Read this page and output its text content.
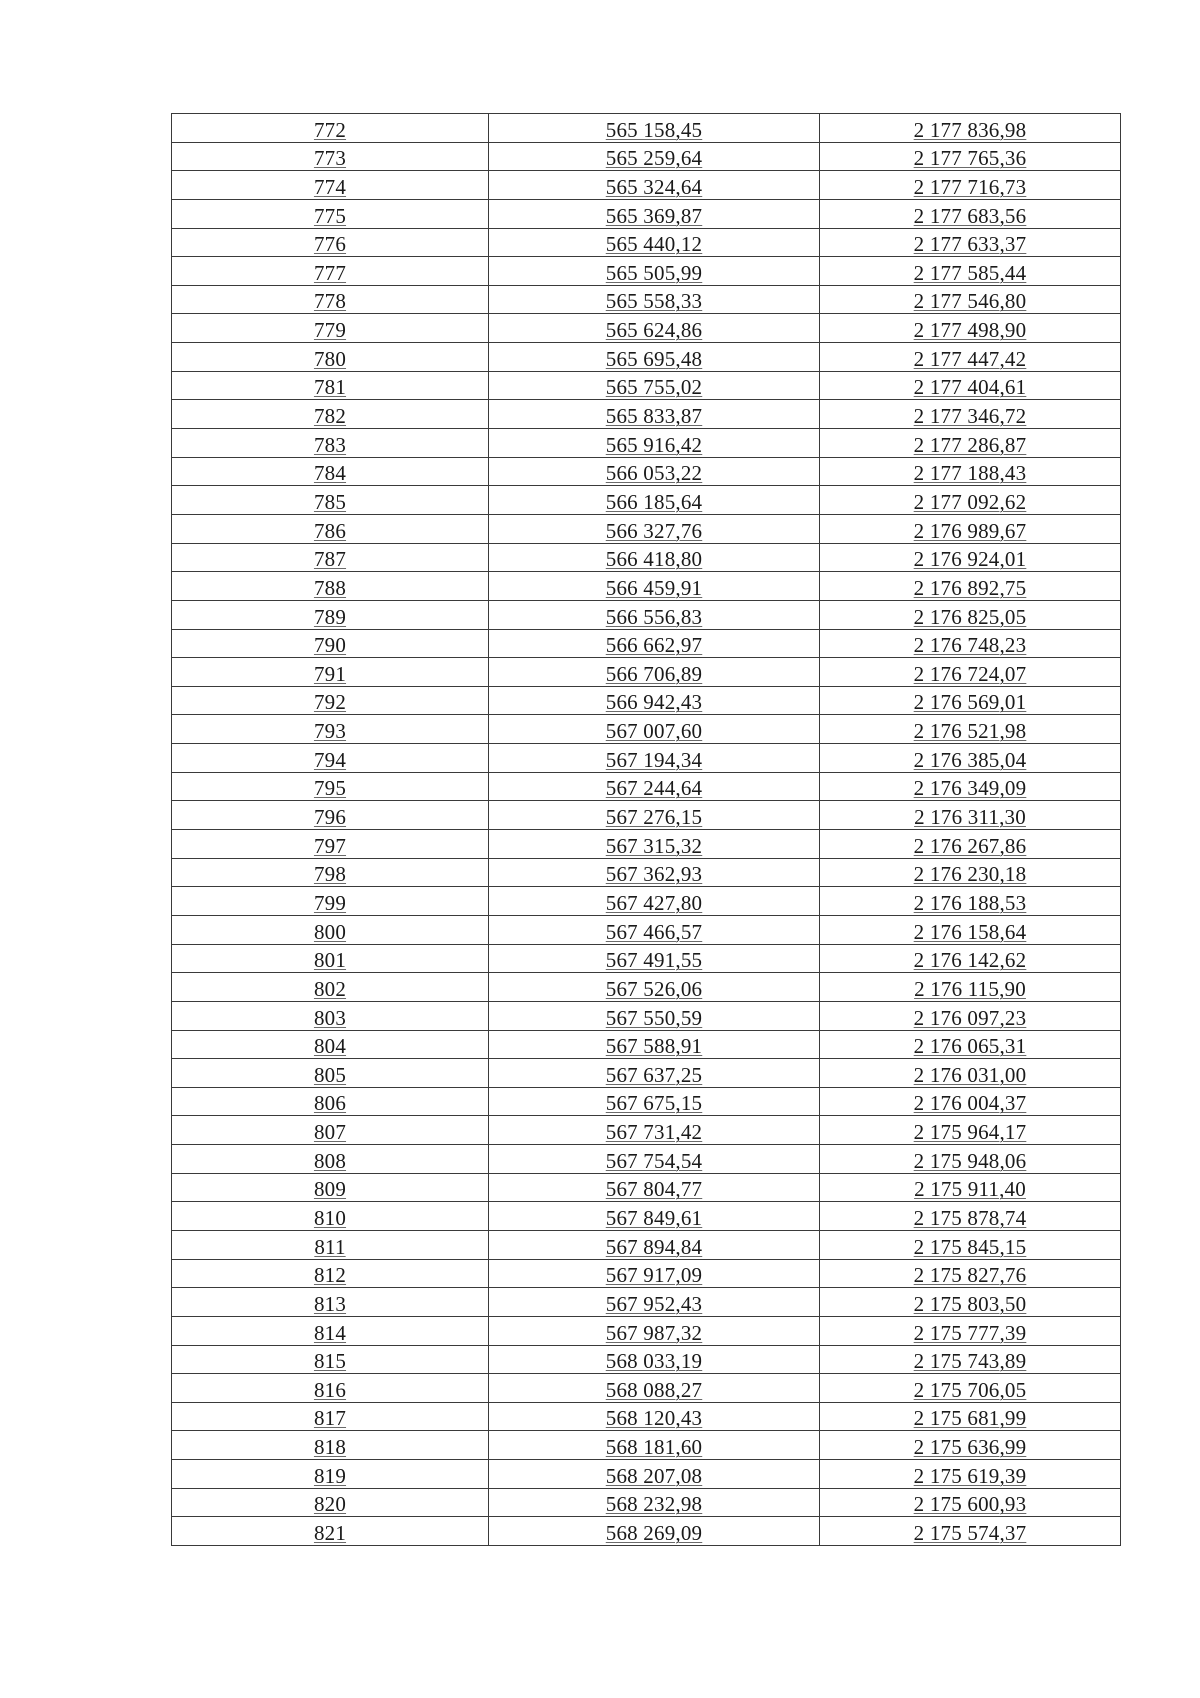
772	565 158,45	2 177 836,98
773	565 259,64	2 177 765,36
774	565 324,64	2 177 716,73
775	565 369,87	2 177 683,56
776	565 440,12	2 177 633,37
777	565 505,99	2 177 585,44
778	565 558,33	2 177 546,80
779	565 624,86	2 177 498,90
780	565 695,48	2 177 447,42
781	565 755,02	2 177 404,61
782	565 833,87	2 177 346,72
783	565 916,42	2 177 286,87
784	566 053,22	2 177 188,43
785	566 185,64	2 177 092,62
786	566 327,76	2 176 989,67
787	566 418,80	2 176 924,01
788	566 459,91	2 176 892,75
789	566 556,83	2 176 825,05
790	566 662,97	2 176 748,23
791	566 706,89	2 176 724,07
792	566 942,43	2 176 569,01
793	567 007,60	2 176 521,98
794	567 194,34	2 176 385,04
795	567 244,64	2 176 349,09
796	567 276,15	2 176 311,30
797	567 315,32	2 176 267,86
798	567 362,93	2 176 230,18
799	567 427,80	2 176 188,53
800	567 466,57	2 176 158,64
801	567 491,55	2 176 142,62
802	567 526,06	2 176 115,90
803	567 550,59	2 176 097,23
804	567 588,91	2 176 065,31
805	567 637,25	2 176 031,00
806	567 675,15	2 176 004,37
807	567 731,42	2 175 964,17
808	567 754,54	2 175 948,06
809	567 804,77	2 175 911,40
810	567 849,61	2 175 878,74
811	567 894,84	2 175 845,15
812	567 917,09	2 175 827,76
813	567 952,43	2 175 803,50
814	567 987,32	2 175 777,39
815	568 033,19	2 175 743,89
816	568 088,27	2 175 706,05
817	568 120,43	2 175 681,99
818	568 181,60	2 175 636,99
819	568 207,08	2 175 619,39
820	568 232,98	2 175 600,93
821	568 269,09	2 175 574,37
